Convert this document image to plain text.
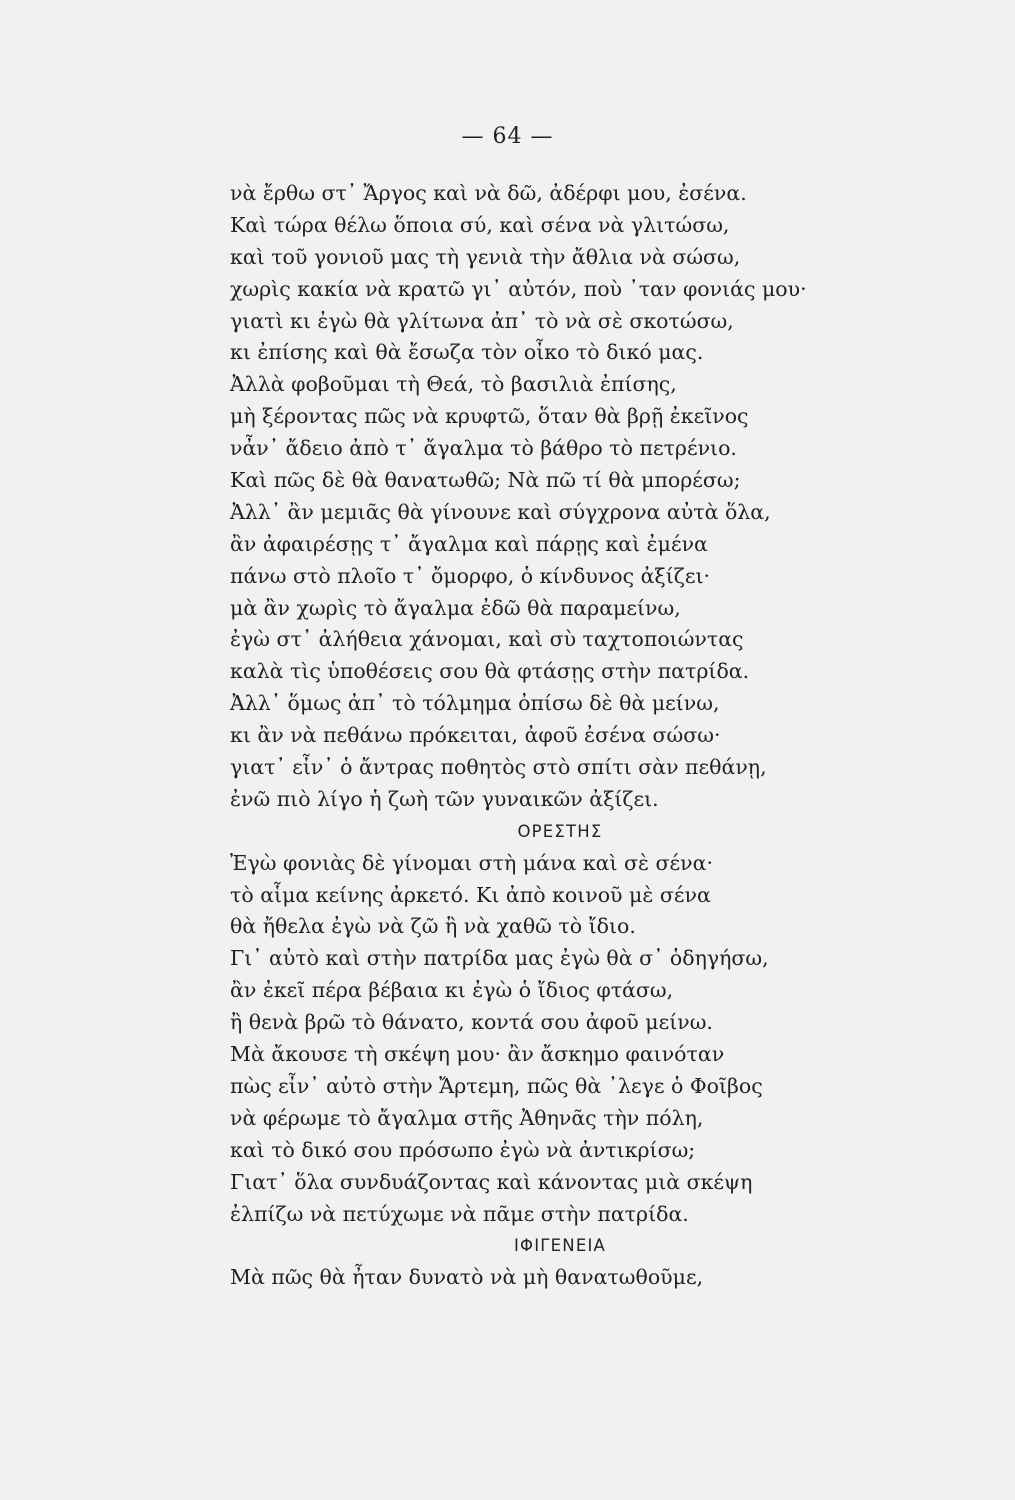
— 64 —
νὰ ἔρθω στ᾿ Ἄργος καὶ νὰ δῶ, ἀδέρφι μου, ἐσένα.
Καὶ τώρα θέλω ὅποια σύ, καὶ σένα νὰ γλιτώσω,
καὶ τοῦ γονιοῦ μας τὴ γενιὰ τὴν ἄθλια νὰ σώσω,
χωρὶς κακία νὰ κρατῶ γι᾿ αὐτόν, ποὺ ᾿ταν φονιάς μου·
γιατὶ κι ἐγὼ θὰ γλίτωνα ἀπ᾿ τὸ νὰ σὲ σκοτώσω,
κι ἐπίσης καὶ θὰ ἔσωζα τὸν οἶκο τὸ δικό μας.
Ἀλλὰ φοβοῦμαι τὴ Θεά, τὸ βασιλιὰ ἐπίσης,
μὴ ξέροντας πῶς νὰ κρυφτῶ, ὅταν θὰ βρῇ ἐκεῖνος
νἆν᾿ ἄδειο ἀπὸ τ᾿ ἄγαλμα τὸ βάθρο τὸ πετρένιο.
Καὶ πῶς δὲ θὰ θανατωθῶ; Νὰ πῶ τί θὰ μπορέσω;
Ἀλλ᾿ ἂν μεμιᾶς θὰ γίνουνε καὶ σύγχρονα αὐτὰ ὅλα,
ἂν ἀφαιρέσῃς τ᾿ ἄγαλμα καὶ πάρῃς καὶ ἐμένα
πάνω στὸ πλοῖο τ᾿ ὄμορφο, ὁ κίνδυνος ἀξίζει·
μὰ ἂν χωρὶς τὸ ἄγαλμα ἐδῶ θὰ παραμείνω,
ἐγὼ στ᾿ ἀλήθεια χάνομαι, καὶ σὺ ταχτοποιώντας
καλὰ τὶς ὑποθέσεις σου θὰ φτάσῃς στὴν πατρίδα.
Ἀλλ᾿ ὅμως ἀπ᾿ τὸ τόλμημα ὀπίσω δὲ θὰ μείνω,
κι ἂν νὰ πεθάνω πρόκειται, ἀφοῦ ἐσένα σώσω·
γιατ᾿ εἶν᾿ ὁ ἄντρας ποθητὸς στὸ σπίτι σὰν πεθάνῃ,
ἐνῶ πιὸ λίγο ἡ ζωὴ τῶν γυναικῶν ἀξίζει.
ΟΡΕΣΤΗΣ
Ἐγὼ φονιὰς δὲ γίνομαι στὴ μάνα καὶ σὲ σένα·
τὸ αἷμα κείνης ἀρκετό. Κι ἀπὸ κοινοῦ μὲ σένα
θὰ ἤθελα ἐγὼ νὰ ζῶ ἢ νὰ χαθῶ τὸ ἴδιο.
Γι᾿ αὐτὸ καὶ στὴν πατρίδα μας ἐγὼ θὰ σ᾿ ὁδηγήσω,
ἂν ἐκεῖ πέρα βέβαια κι ἐγὼ ὁ ἴδιος φτάσω,
ἢ θενὰ βρῶ τὸ θάνατο, κοντά σου ἀφοῦ μείνω.
Μὰ ἄκουσε τὴ σκέψη μου· ἂν ἄσκημο φαινόταν
πὼς εἶν᾿ αὐτὸ στὴν Ἄρτεμη, πῶς θὰ ᾿λεγε ὁ Φοῖβος
νὰ φέρωμε τὸ ἄγαλμα στῆς Ἀθηνᾶς τὴν πόλη,
καὶ τὸ δικό σου πρόσωπο ἐγὼ νὰ ἀντικρίσω;
Γιατ᾿ ὅλα συνδυάζοντας καὶ κάνοντας μιὰ σκέψη
ἐλπίζω νὰ πετύχωμε νὰ πᾶμε στὴν πατρίδα.
ΙΦΙΓΕΝΕΙΑ
Μὰ πῶς θὰ ἦταν δυνατὸ νὰ μὴ θανατωθοῦμε,
